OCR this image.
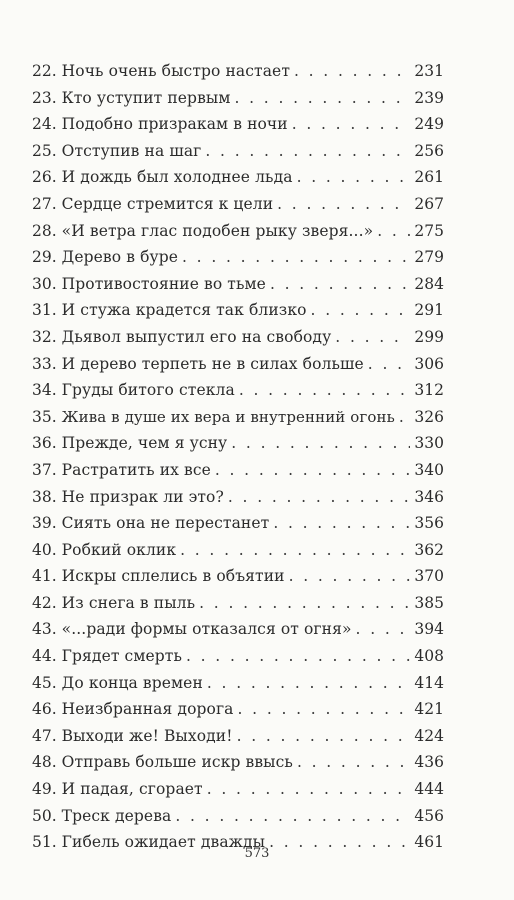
22. Ночь очень быстро настает . . .	231
23. Кто уступит первым . . .	239
24. Подобно призракам в ночи . . .	249
25. Отступив на шаг . . .	256
26. И дождь был холоднее льда . . .	261
27. Сердце стремится к цели . . .	267
28. «И ветра глас подобен рыку зверя...» . . .	275
29. Дерево в буре . . .	279
30. Противостояние во тьме . . .	284
31. И стужа крадется так близко . . .	291
32. Дьявол выпустил его на свободу . . .	299
33. И дерево терпеть не в силах больше . . .	306
34. Груды битого стекла . . .	312
35. Жива в душе их вера и внутренний огонь . . . 326
36. Прежде, чем я усну . . .	330
37. Растратить их все . . .	340
38. Не призрак ли это? . . .	346
39. Сиять она не перестанет . . .	356
40. Робкий оклик . . .	362
41. Искры сплелись в объятии . . .	370
42. Из снега в пыль . . .	385
43. «...ради формы отказался от огня» . . .	394
44. Грядет смерть . . .	408
45. До конца времен . . .	414
46. Неизбранная дорога . . .	421
47. Выходи же! Выходи! . . .	424
48. Отправь больше искр ввысь . . .	436
49. И падая, сгорает . . .	444
50. Треск дерева . . .	456
51. Гибель ожидает дважды . . .	461
573
